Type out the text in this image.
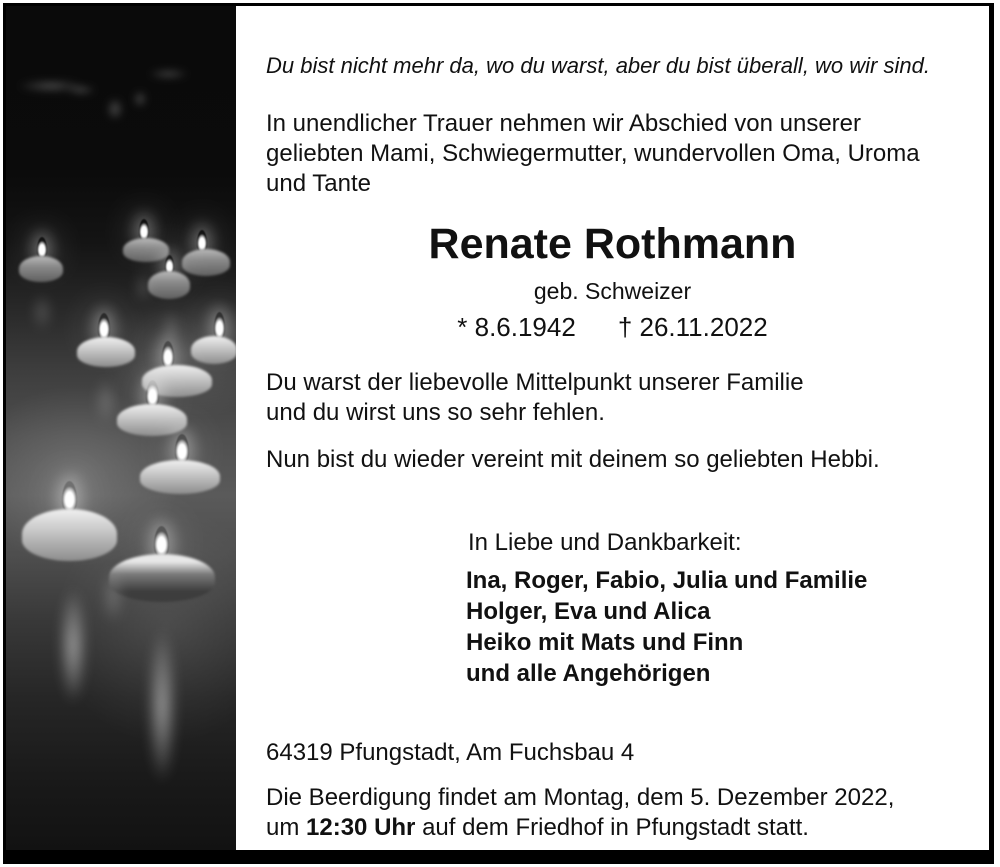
Du bist nicht mehr da, wo du warst, aber du bist überall, wo wir sind.
In unendlicher Trauer nehmen wir Abschied von unserer
geliebten Mami, Schwiegermutter, wundervollen Oma, Uroma
und Tante
Renate Rothmann
geb. Schweizer
* 8.6.1942 † 26.11.2022
Du warst der liebevolle Mittelpunkt unserer Familie
und du wirst uns so sehr fehlen.
Nun bist du wieder vereint mit deinem so geliebten Hebbi.
In Liebe und Dankbarkeit:
Ina, Roger, Fabio, Julia und Familie
Holger, Eva und Alica
Heiko mit Mats und Finn
und alle Angehörigen
64319 Pfungstadt, Am Fuchsbau 4
Die Beerdigung findet am Montag, dem 5. Dezember 2022,
um 12:30 Uhr auf dem Friedhof in Pfungstadt statt.
